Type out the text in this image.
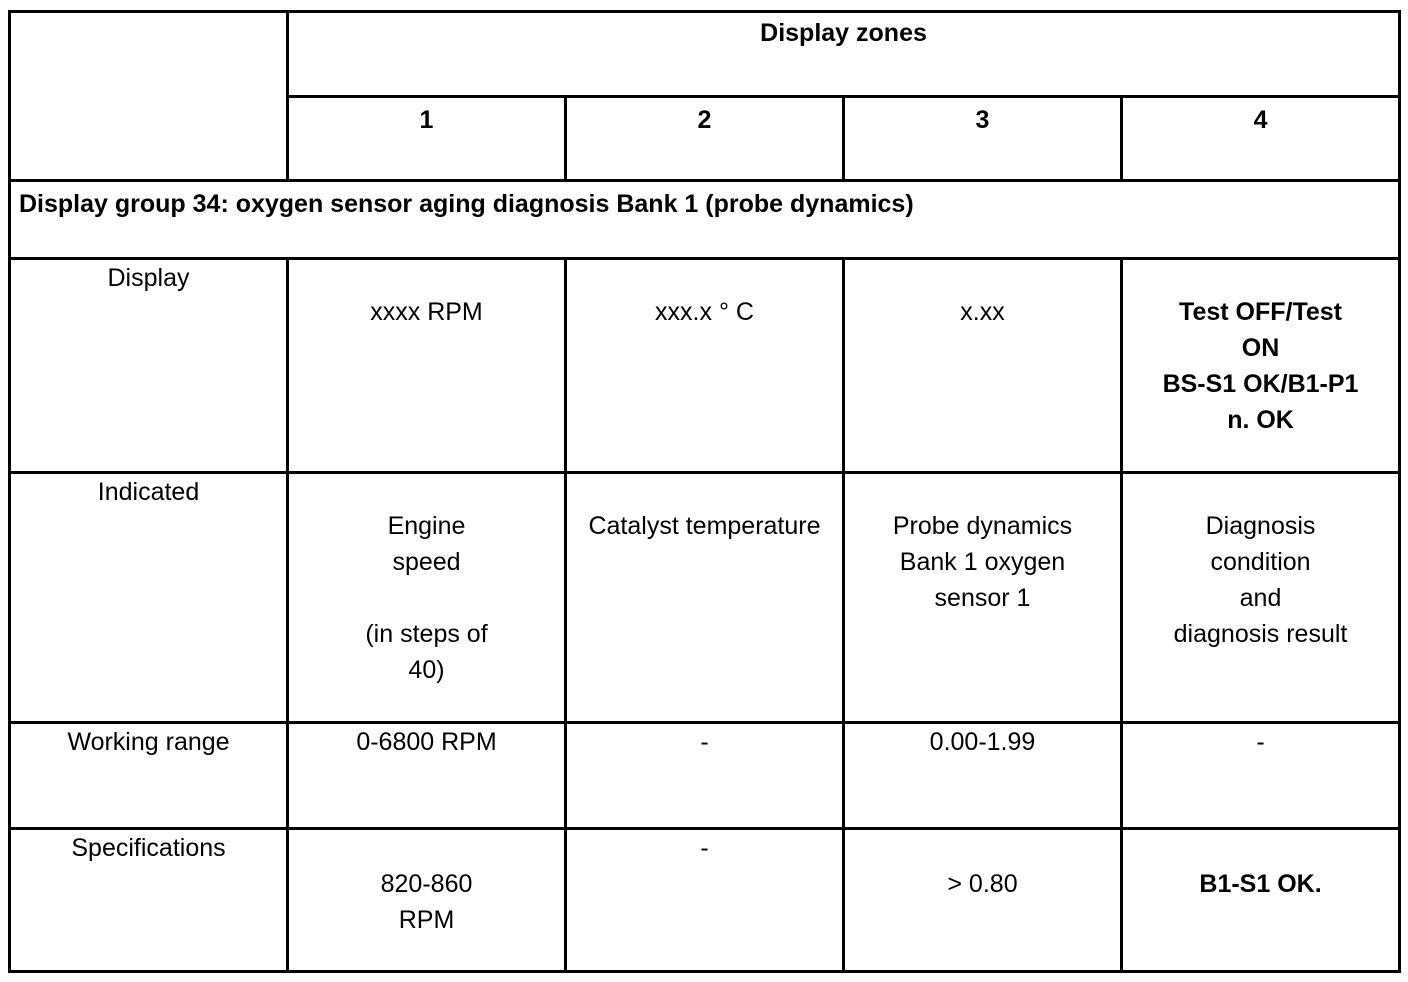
	Display zones			
	1	2	3	4
Display group 34: oxygen sensor aging diagnosis Bank 1 (probe dynamics)				
Display	xxxx RPM	xxx.x ° C	x.xx	Test OFF/Test
ON
BS-S1 OK/B1-P1
n. OK
Indicated	Engine
speed

(in steps of
40)	Catalyst temperature	Probe dynamics
Bank 1 oxygen
sensor 1	Diagnosis
condition
and
diagnosis result
Working range	0-6800 RPM	-	0.00-1.99	-
Specifications	820-860
RPM	-	> 0.80	B1-S1 OK.
